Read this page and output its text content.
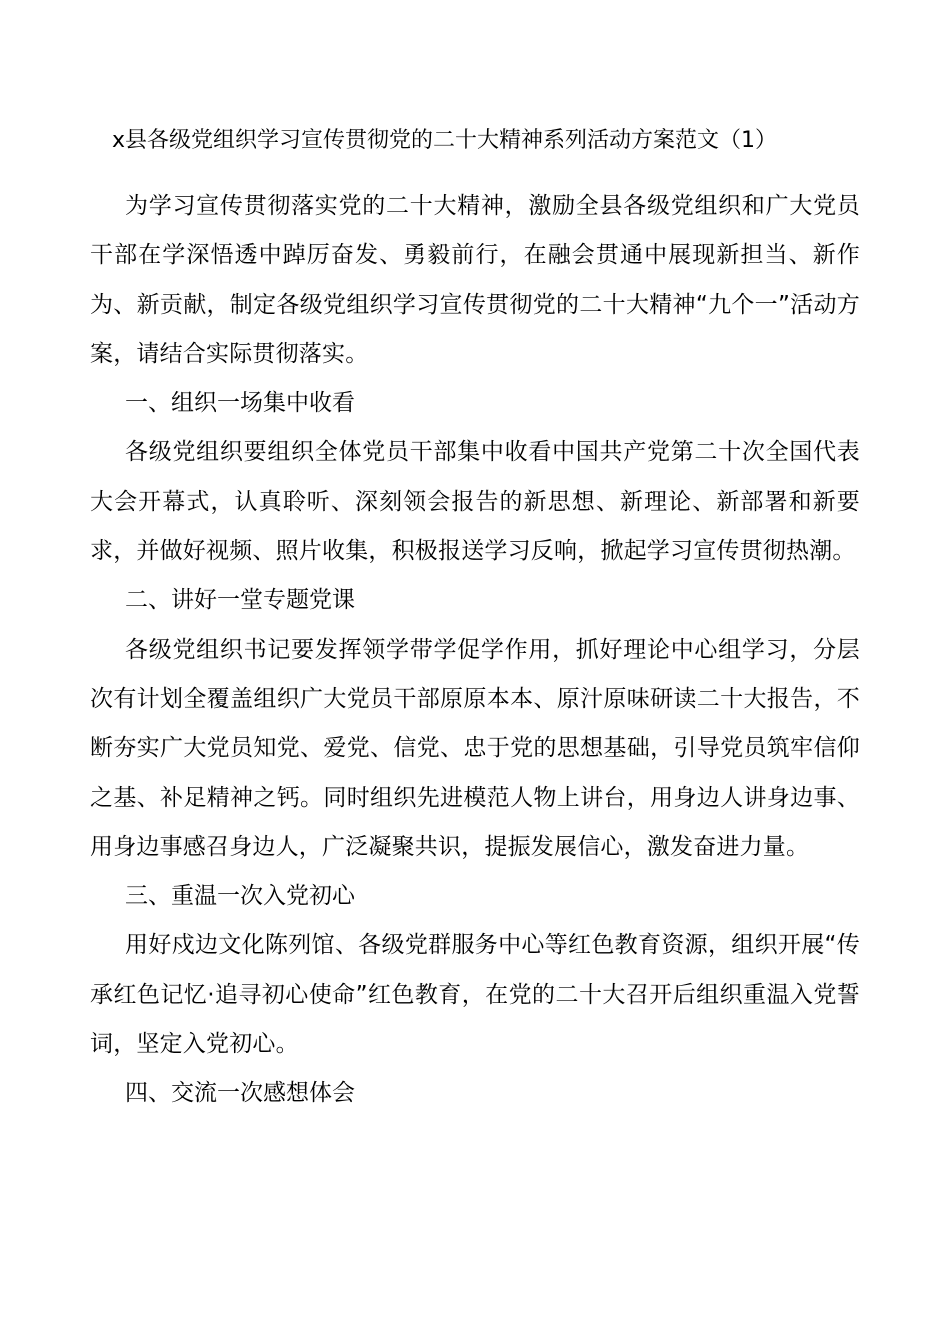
x县各级党组织学习宣传贯彻党的二十大精神系列活动方案范文（1）

为学习宣传贯彻落实党的二十大精神，激励全县各级党组织和广大党员干部在学深悟透中踔厉奋发、勇毅前行，在融会贯通中展现新担当、新作为、新贡献，制定各级党组织学习宣传贯彻党的二十大精神“九个一”活动方案，请结合实际贯彻落实。

一、组织一场集中收看

各级党组织要组织全体党员干部集中收看中国共产党第二十次全国代表大会开幕式，认真聆听、深刻领会报告的新思想、新理论、新部署和新要求，并做好视频、照片收集，积极报送学习反响，掀起学习宣传贯彻热潮。

二、讲好一堂专题党课

各级党组织书记要发挥领学带学促学作用，抓好理论中心组学习，分层次有计划全覆盖组织广大党员干部原原本本、原汁原味研读二十大报告，不断夯实广大党员知党、爱党、信党、忠于党的思想基础，引导党员筑牢信仰之基、补足精神之钙。同时组织先进模范人物上讲台，用身边人讲身边事、用身边事感召身边人，广泛凝聚共识，提振发展信心，激发奋进力量。

三、重温一次入党初心

用好戍边文化陈列馆、各级党群服务中心等红色教育资源，组织开展“传承红色记忆·追寻初心使命”红色教育，在党的二十大召开后组织重温入党誓词，坚定入党初心。

四、交流一次感想体会
